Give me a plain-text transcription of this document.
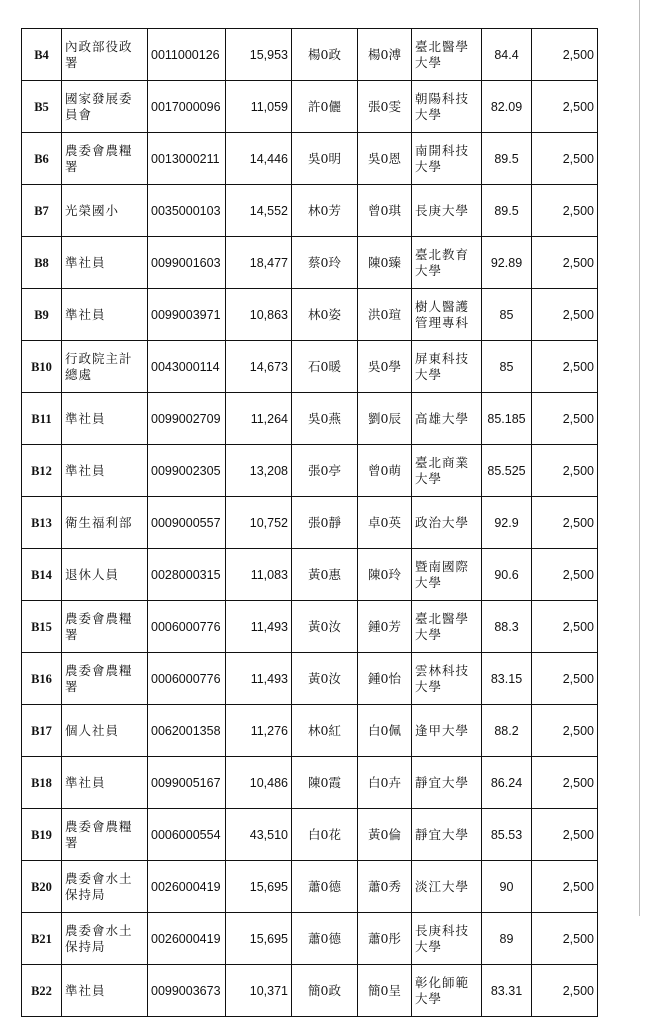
B4	內政部役政署	0011000126	15,953	楊0政	楊0溥	臺北醫學大學	84.4	2,500
B5	國家發展委員會	0017000096	11,059	許0儷	張0雯	朝陽科技大學	82.09	2,500
B6	農委會農糧署	0013000211	14,446	吳0明	吳0恩	南開科技大學	89.5	2,500
B7	光榮國小	0035000103	14,552	林0芳	曾0琪	長庚大學	89.5	2,500
B8	準社員	0099001603	18,477	蔡0玲	陳0臻	臺北教育大學	92.89	2,500
B9	準社員	0099003971	10,863	林0姿	洪0瑄	樹人醫護管理專科	85	2,500
B10	行政院主計總處	0043000114	14,673	石0暖	吳0學	屏東科技大學	85	2,500
B11	準社員	0099002709	11,264	吳0燕	劉0辰	高雄大學	85.185	2,500
B12	準社員	0099002305	13,208	張0亭	曾0萌	臺北商業大學	85.525	2,500
B13	衛生福利部	0009000557	10,752	張0靜	卓0英	政治大學	92.9	2,500
B14	退休人員	0028000315	11,083	黃0惠	陳0玲	暨南國際大學	90.6	2,500
B15	農委會農糧署	0006000776	11,493	黃0汝	鍾0芳	臺北醫學大學	88.3	2,500
B16	農委會農糧署	0006000776	11,493	黃0汝	鍾0怡	雲林科技大學	83.15	2,500
B17	個人社員	0062001358	11,276	林0紅	白0佩	逢甲大學	88.2	2,500
B18	準社員	0099005167	10,486	陳0霞	白0卉	靜宜大學	86.24	2,500
B19	農委會農糧署	0006000554	43,510	白0花	黃0倫	靜宜大學	85.53	2,500
B20	農委會水土保持局	0026000419	15,695	蕭0德	蕭0秀	淡江大學	90	2,500
B21	農委會水土保持局	0026000419	15,695	蕭0德	蕭0彤	長庚科技大學	89	2,500
B22	準社員	0099003673	10,371	簡0政	簡0呈	彰化師範大學	83.31	2,500
